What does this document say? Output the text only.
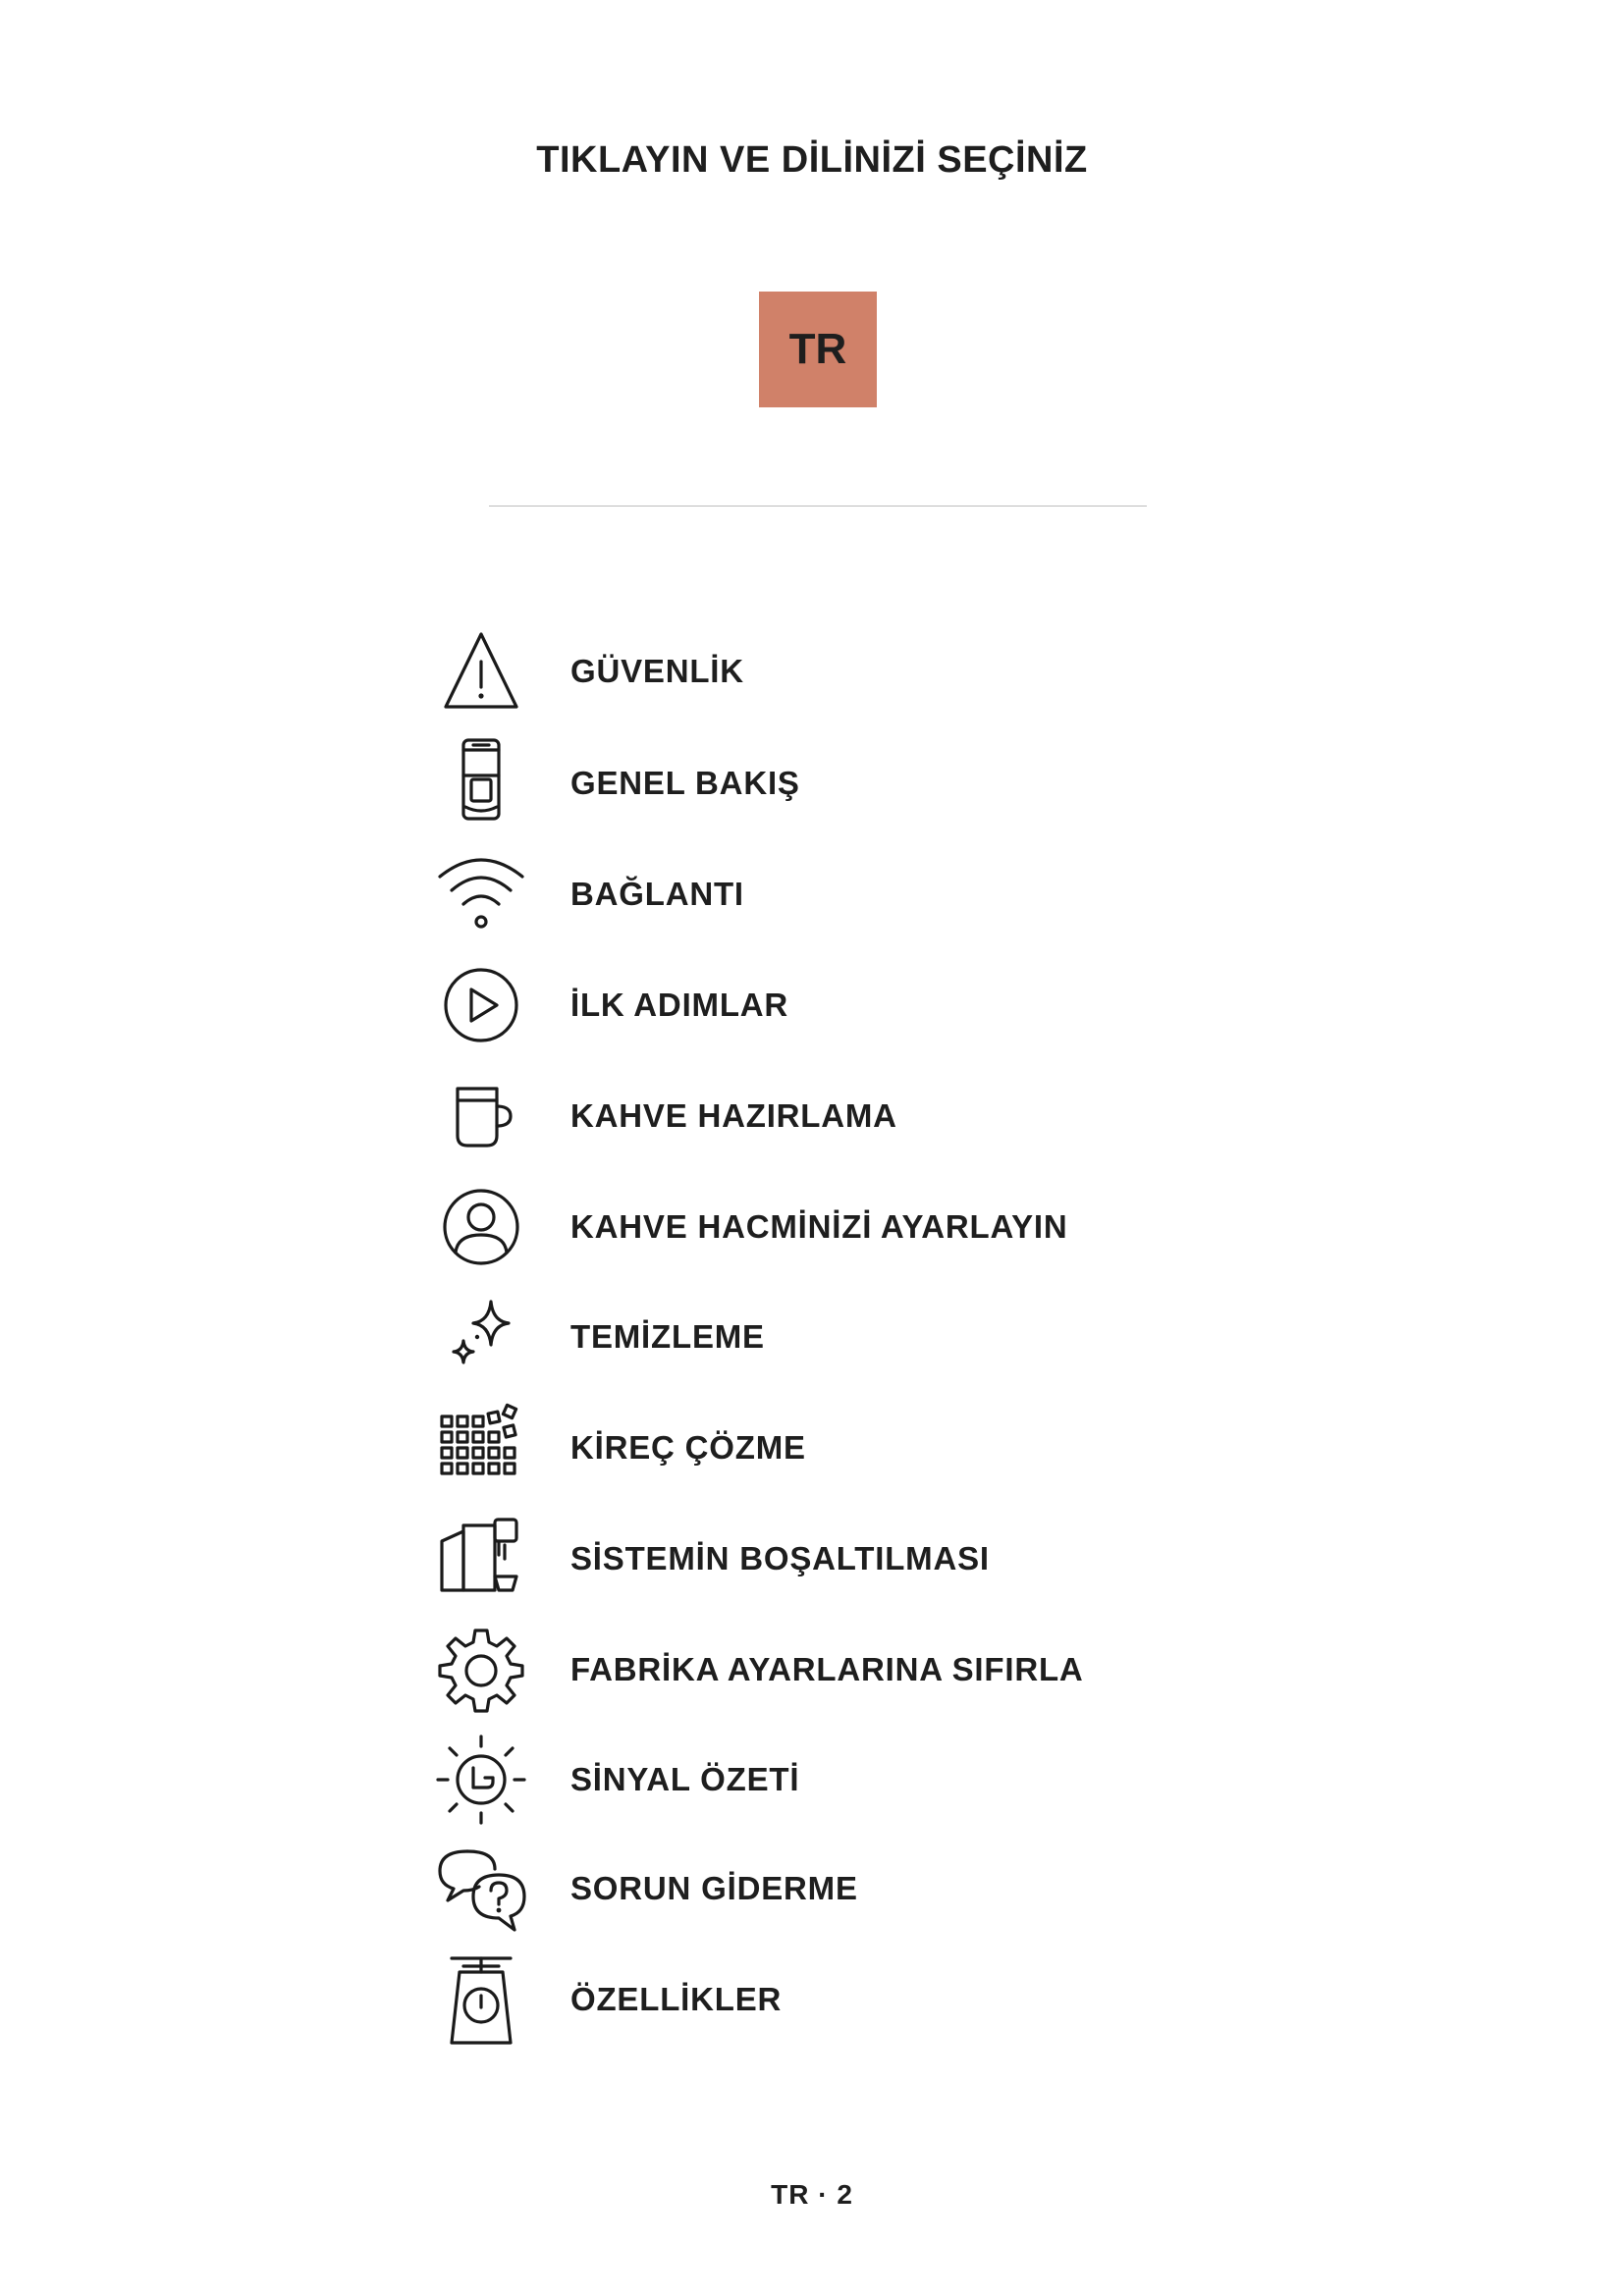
TIKLAYIN VE DİLİNİZİ SEÇİNİZ
TR
GÜVENLİK
GENEL BAKIŞ
BAĞLANTI
İLK ADIMLAR
KAHVE HAZIRLAMA
KAHVE HACMİNİZİ AYARLAYIN
TEMİZLEME
KİREÇ ÇÖZME
SİSTEMİN BOŞALTILMASI
FABRİKA AYARLARINA SIFIRLA
SİNYAL ÖZETİ
SORUN GİDERME
ÖZELLİKLER
TR · 2
